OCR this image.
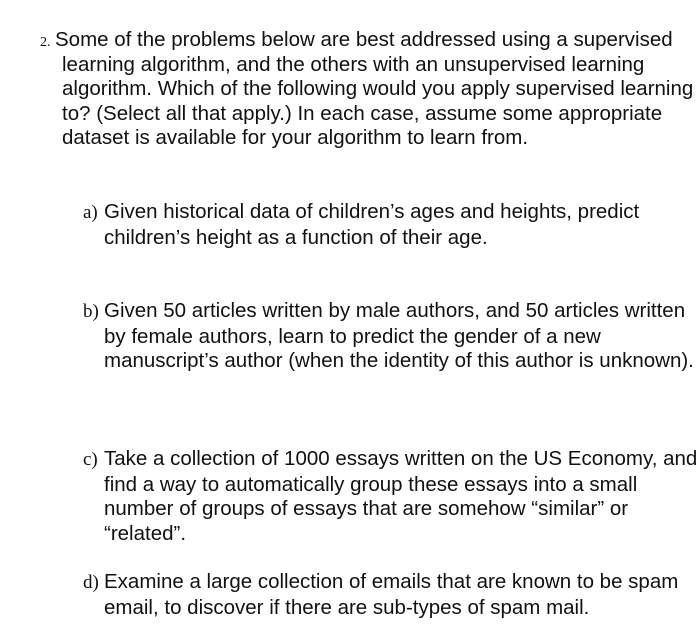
2. Some of the problems below are best addressed using a supervised learning algorithm, and the others with an unsupervised learning algorithm. Which of the following would you apply supervised learning to? (Select all that apply.) In each case, assume some appropriate dataset is available for your algorithm to learn from.
a) Given historical data of children’s ages and heights, predict children’s height as a function of their age.
b) Given 50 articles written by male authors, and 50 articles written by female authors, learn to predict the gender of a new manuscript’s author (when the identity of this author is unknown).
c) Take a collection of 1000 essays written on the US Economy, and find a way to automatically group these essays into a small number of groups of essays that are somehow “similar” or “related”.
d) Examine a large collection of emails that are known to be spam email, to discover if there are sub-types of spam mail.
